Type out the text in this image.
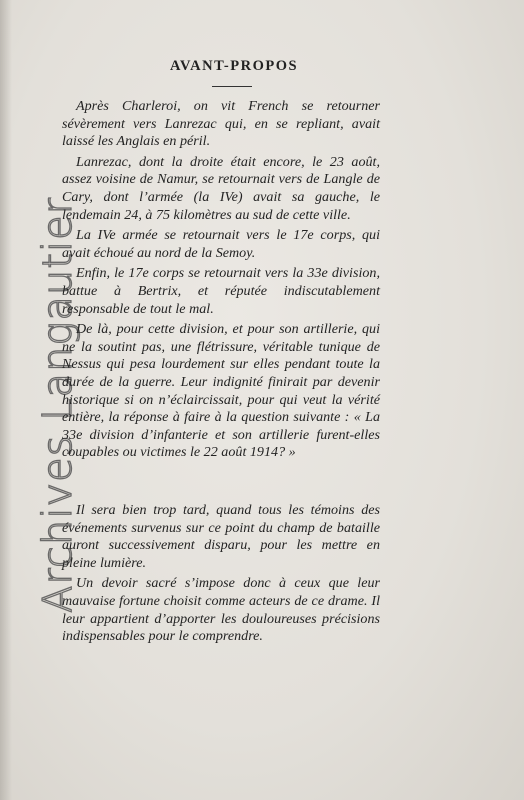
Archives Langautier
AVANT-PROPOS

Après Charleroi, on vit French se retourner sévèrement vers Lanrezac qui, en se repliant, avait laissé les Anglais en péril.

Lanrezac, dont la droite était encore, le 23 août, assez voisine de Namur, se retournait vers de Langle de Cary, dont l’armée (la IVe) avait sa gauche, le lendemain 24, à 75 kilomètres au sud de cette ville.

La IVe armée se retournait vers le 17e corps, qui avait échoué au nord de la Semoy.

Enfin, le 17e corps se retournait vers la 33e division, battue à Bertrix, et réputée indiscutablement responsable de tout le mal.

De là, pour cette division, et pour son artillerie, qui ne la soutint pas, une flétrissure, véritable tunique de Nessus qui pesa lourdement sur elles pendant toute la durée de la guerre. Leur indignité finirait par devenir historique si on n’éclaircissait, pour qui veut la vérité entière, la réponse à faire à la question suivante : « La 33e division d’infanterie et son artillerie furent-elles coupables ou victimes le 22 août 1914? »

Il sera bien trop tard, quand tous les témoins des événements survenus sur ce point du champ de bataille auront successivement disparu, pour les mettre en pleine lumière.

Un devoir sacré s’impose donc à ceux que leur mauvaise fortune choisit comme acteurs de ce drame. Il leur appartient d’apporter les douloureuses précisions indispensables pour le comprendre.
